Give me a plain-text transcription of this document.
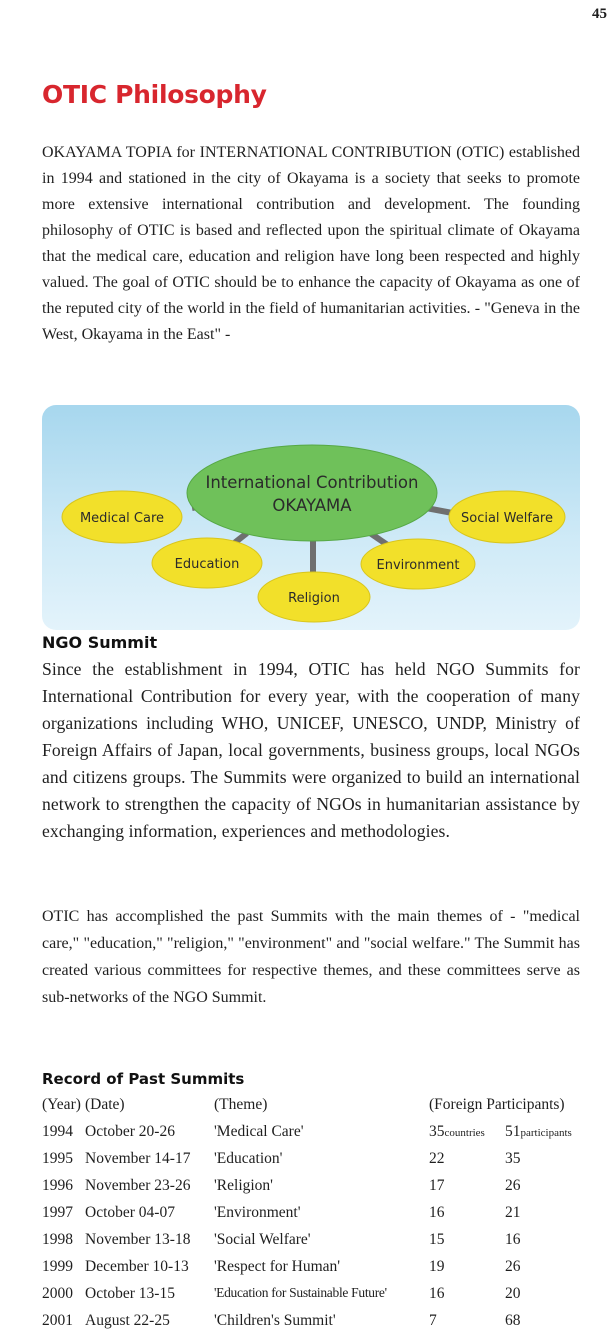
45
OTIC Philosophy

OKAYAMA TOPIA for INTERNATIONAL CONTRIBUTION (OTIC) established in 1994 and stationed in the city of Okayama is a society that seeks to promote more extensive international contribution and development. The founding philosophy of OTIC is based and reflected upon the spiritual climate of Okayama that the medical care, education and religion have long been respected and highly valued. The goal of OTIC should be to enhance the capacity of Okayama as one of the reputed city of the world in the field of humanitarian activities. - "Geneva in the West, Okayama in the East" -

International Contribution
OKAYAMA
Medical Care	Social Welfare
Education	Environment
Religion
NGO Summit

Since the establishment in 1994, OTIC has held NGO Summits for International Contribution for every year, with the cooperation of many organizations including WHO, UNICEF, UNESCO, UNDP, Ministry of Foreign Affairs of Japan, local governments, business groups, local NGOs and citizens groups. The Summits were organized to build an international network to strengthen the capacity of NGOs in humanitarian assistance by exchanging information, experiences and methodologies.

OTIC has accomplished the past Summits with the main themes of - "medical care," "education," "religion," "environment" and "social welfare." The Summit has created various committees for respective themes, and these committees serve as sub-networks of the NGO Summit.

Record of Past Summits
(Year) (Date)	(Theme)	(Foreign Participants)
1994 October 20-26	'Medical Care'	35countries 51participants
1995 November 14-17 'Education'	22	35
1996 November 23-26 'Religion'	17	26
1997 October 04-07	'Environment'	16	21
1998 November 13-18 'Social Welfare'	15	16
1999 December 10-13 'Respect for Human'	19	26
2000 October 13-15	'Education for Sustainable Future'	16	20
2001 August 22-25	'Children's Summit'	7	68
